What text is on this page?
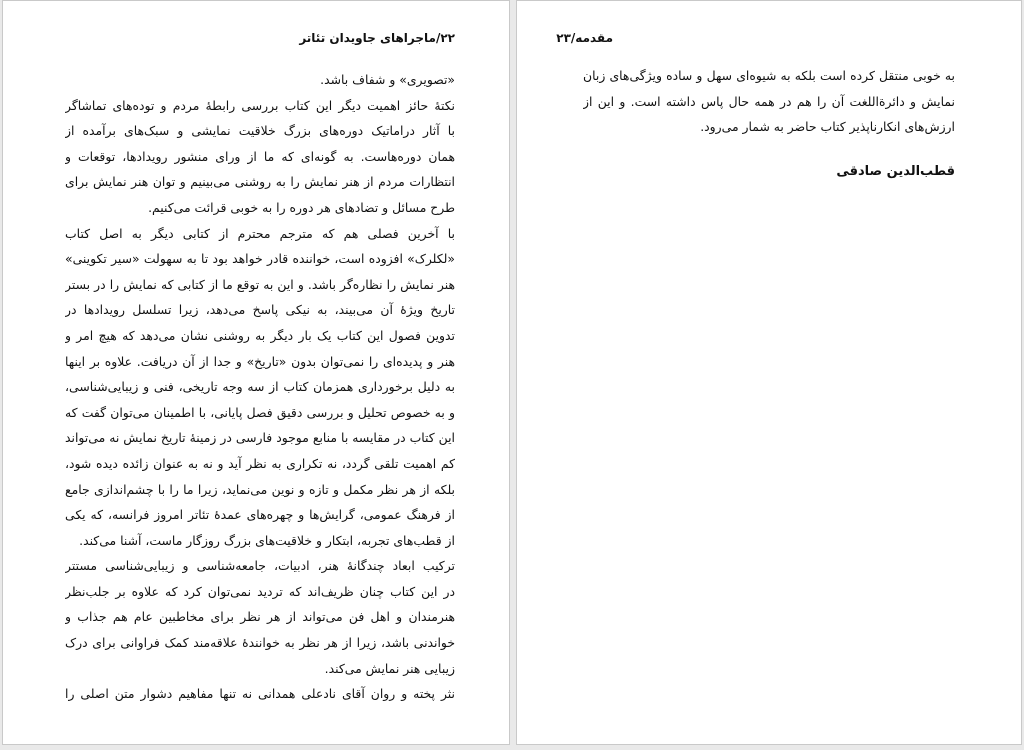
۲۲/ماجراهای جاویدان تئاتر
«تصویری» و شفاف باشد.
نکتهٔ حائز اهمیت دیگر این کتاب بررسی رابطهٔ مردم و توده‌های تماشاگر
با آثار دراماتیک دوره‌های بزرگ خلاقیت نمایشی و سبک‌های برآمده از
همان دوره‌هاست. به گونه‌ای که ما از ورای منشور رویدادها، توقعات و
انتظارات مردم از هنر نمایش را به روشنی می‌بینیم و توان هنر نمایش برای
طرح مسائل و تضادهای هر دوره را به خوبی قرائت می‌کنیم.
با آخرین فصلی هم که مترجم محترم از کتابی دیگر به اصل کتاب
«لکلرک» افزوده است، خواننده قادر خواهد بود تا به سهولت «سیر تکوینی»
هنر نمایش را نظاره‌گر باشد. و این به توقع ما از کتابی که نمایش را در بستر
تاریخ ویژهٔ آن می‌بیند، به نیکی پاسخ می‌دهد، زیرا تسلسل رویدادها در
تدوین فصول این کتاب یک بار دیگر به روشنی نشان می‌دهد که هیچ امر و
هنر و پدیده‌ای را نمی‌توان بدون «تاریخ» و جدا از آن دریافت. علاوه بر اینها
به دلیل برخورداری همزمان کتاب از سه وجه تاریخی، فنی و زیبایی‌شناسی،
و به خصوص تحلیل و بررسی دقیق فصل پایانی، با اطمینان می‌توان گفت که
این کتاب در مقایسه با منابع موجود فارسی در زمینهٔ تاریخ نمایش نه می‌تواند
کم اهمیت تلقی گردد، نه تکراری به نظر آید و نه به عنوان زائده دیده شود،
بلکه از هر نظر مکمل و تازه و نوین می‌نماید، زیرا ما را با چشم‌اندازی جامع
از فرهنگ عمومی، گرایش‌ها و چهره‌های عمدهٔ تئاتر امروز فرانسه، که یکی
از قطب‌های تجربه، ابتکار و خلاقیت‌های بزرگ روزگار ماست، آشنا می‌کند.
ترکیب ابعاد چندگانهٔ هنر، ادبیات، جامعه‌شناسی و زیبایی‌شناسی مستتر
در این کتاب چنان ظریف‌اند که تردید نمی‌توان کرد که علاوه بر جلب‌نظر
هنرمندان و اهل فن می‌تواند از هر نظر برای مخاطبین عام هم جذاب و
خواندنی باشد، زیرا از هر نظر به خوانندهٔ علاقه‌مند کمک فراوانی برای درک
زیبایی هنر نمایش می‌کند.
نثر پخته و روان آقای نادعلی همدانی نه تنها مفاهیم دشوار متن اصلی را
مقدمه/۲۳
به خوبی منتقل کرده است بلکه به شیوه‌ای سهل و ساده ویژگی‌های زبان
نمایش و دائرةاللغت آن را هم در همه حال پاس داشته است. و این از
ارزش‌های انکارناپذیر کتاب حاضر به شمار می‌رود.
قطب‌الدین صادقی
